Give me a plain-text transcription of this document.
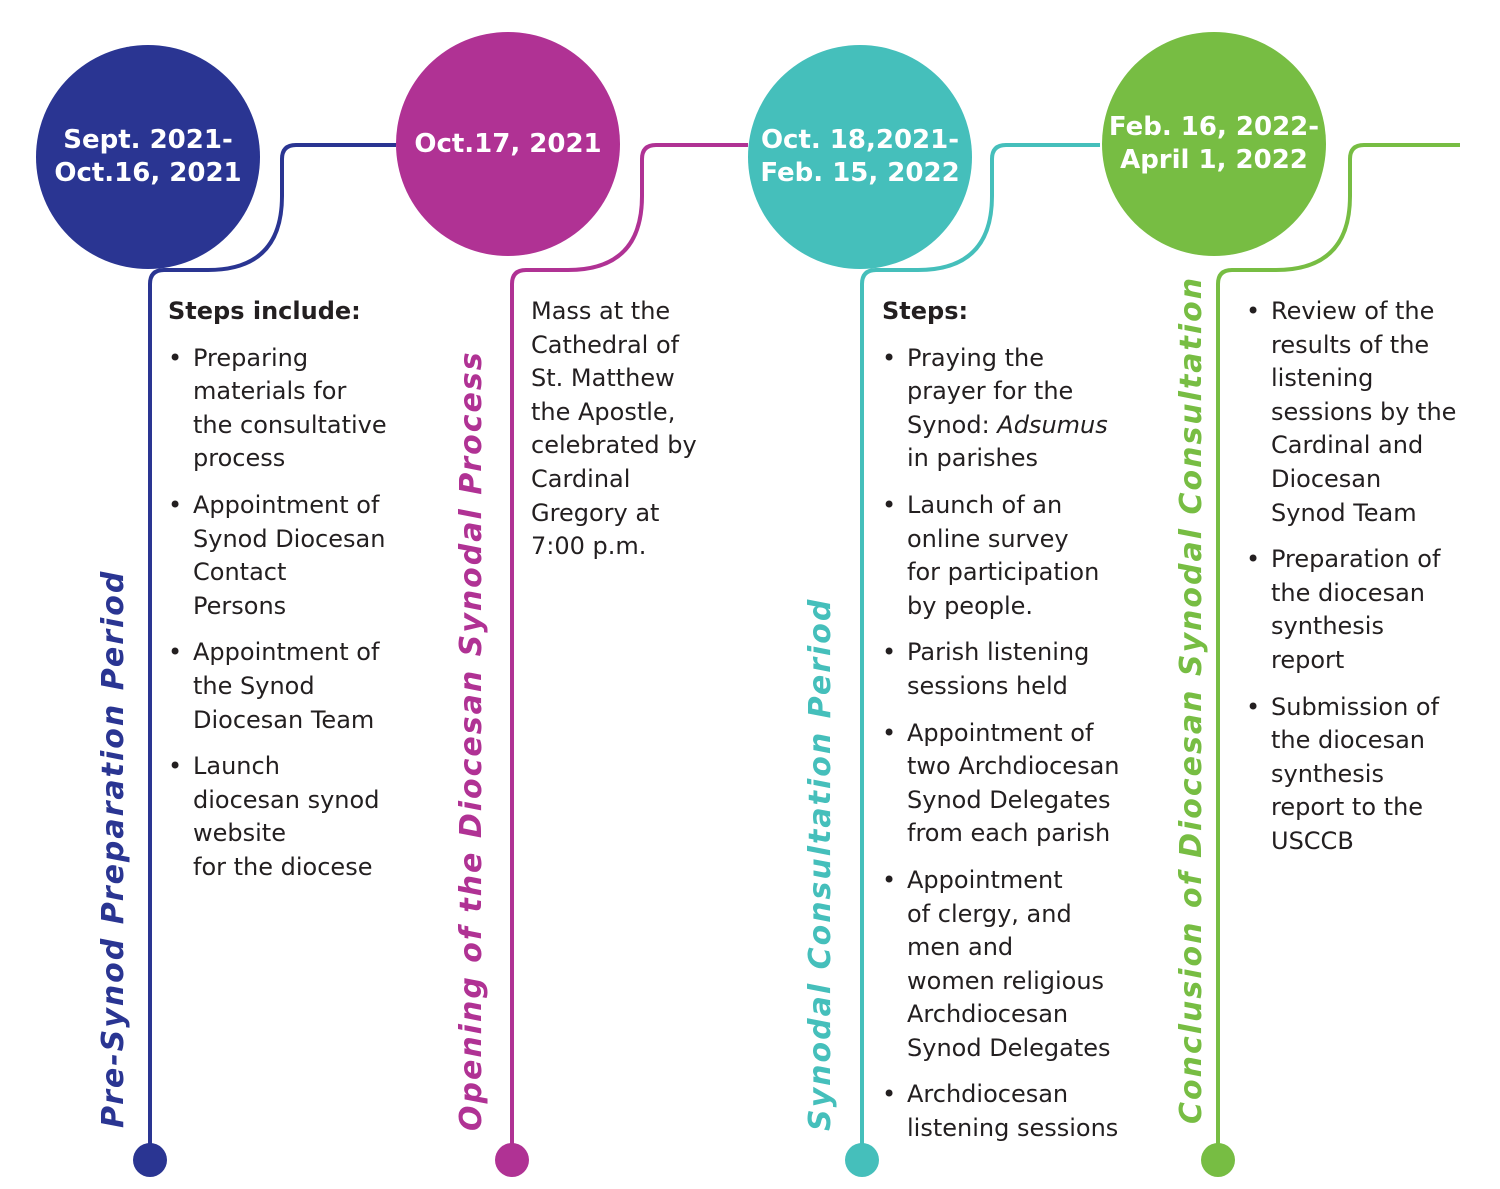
Sept. 2021-
Oct.16, 2021
Oct.17, 2021	Oct. 18,2021-
Feb. 15, 2022
Feb. 16, 2022-
April 1, 2022
Pre-Synod Preparation Period	Opening of the Diocesan Synodal Process	Synodal Consultation Period	Conclusion of Diocesan Synodal Consultation
Steps include:
• Preparing
materials for
the consultative
process
• Appointment of
Synod Diocesan
Contact
Persons
• Appointment of
the Synod
Diocesan Team
• Launch
diocesan synod
website
for the diocese

Mass at the
Cathedral of
St. Matthew
the Apostle,
celebrated by
Cardinal
Gregory at
7:00 p.m.

Steps:
• Praying the
prayer for the
Synod: Adsumus
in parishes
• Launch of an
online survey
for participation
by people.
• Parish listening
sessions held
• Appointment of
two Archdiocesan
Synod Delegates
from each parish
• Appointment
of clergy, and
men and
women religious
Archdiocesan
Synod Delegates
• Archdiocesan
listening sessions
• Review of the
results of the
listening
sessions by the
Cardinal and
Diocesan
Synod Team
• Preparation of
the diocesan
synthesis
report
• Submission of
the diocesan
synthesis
report to the
USCCB
